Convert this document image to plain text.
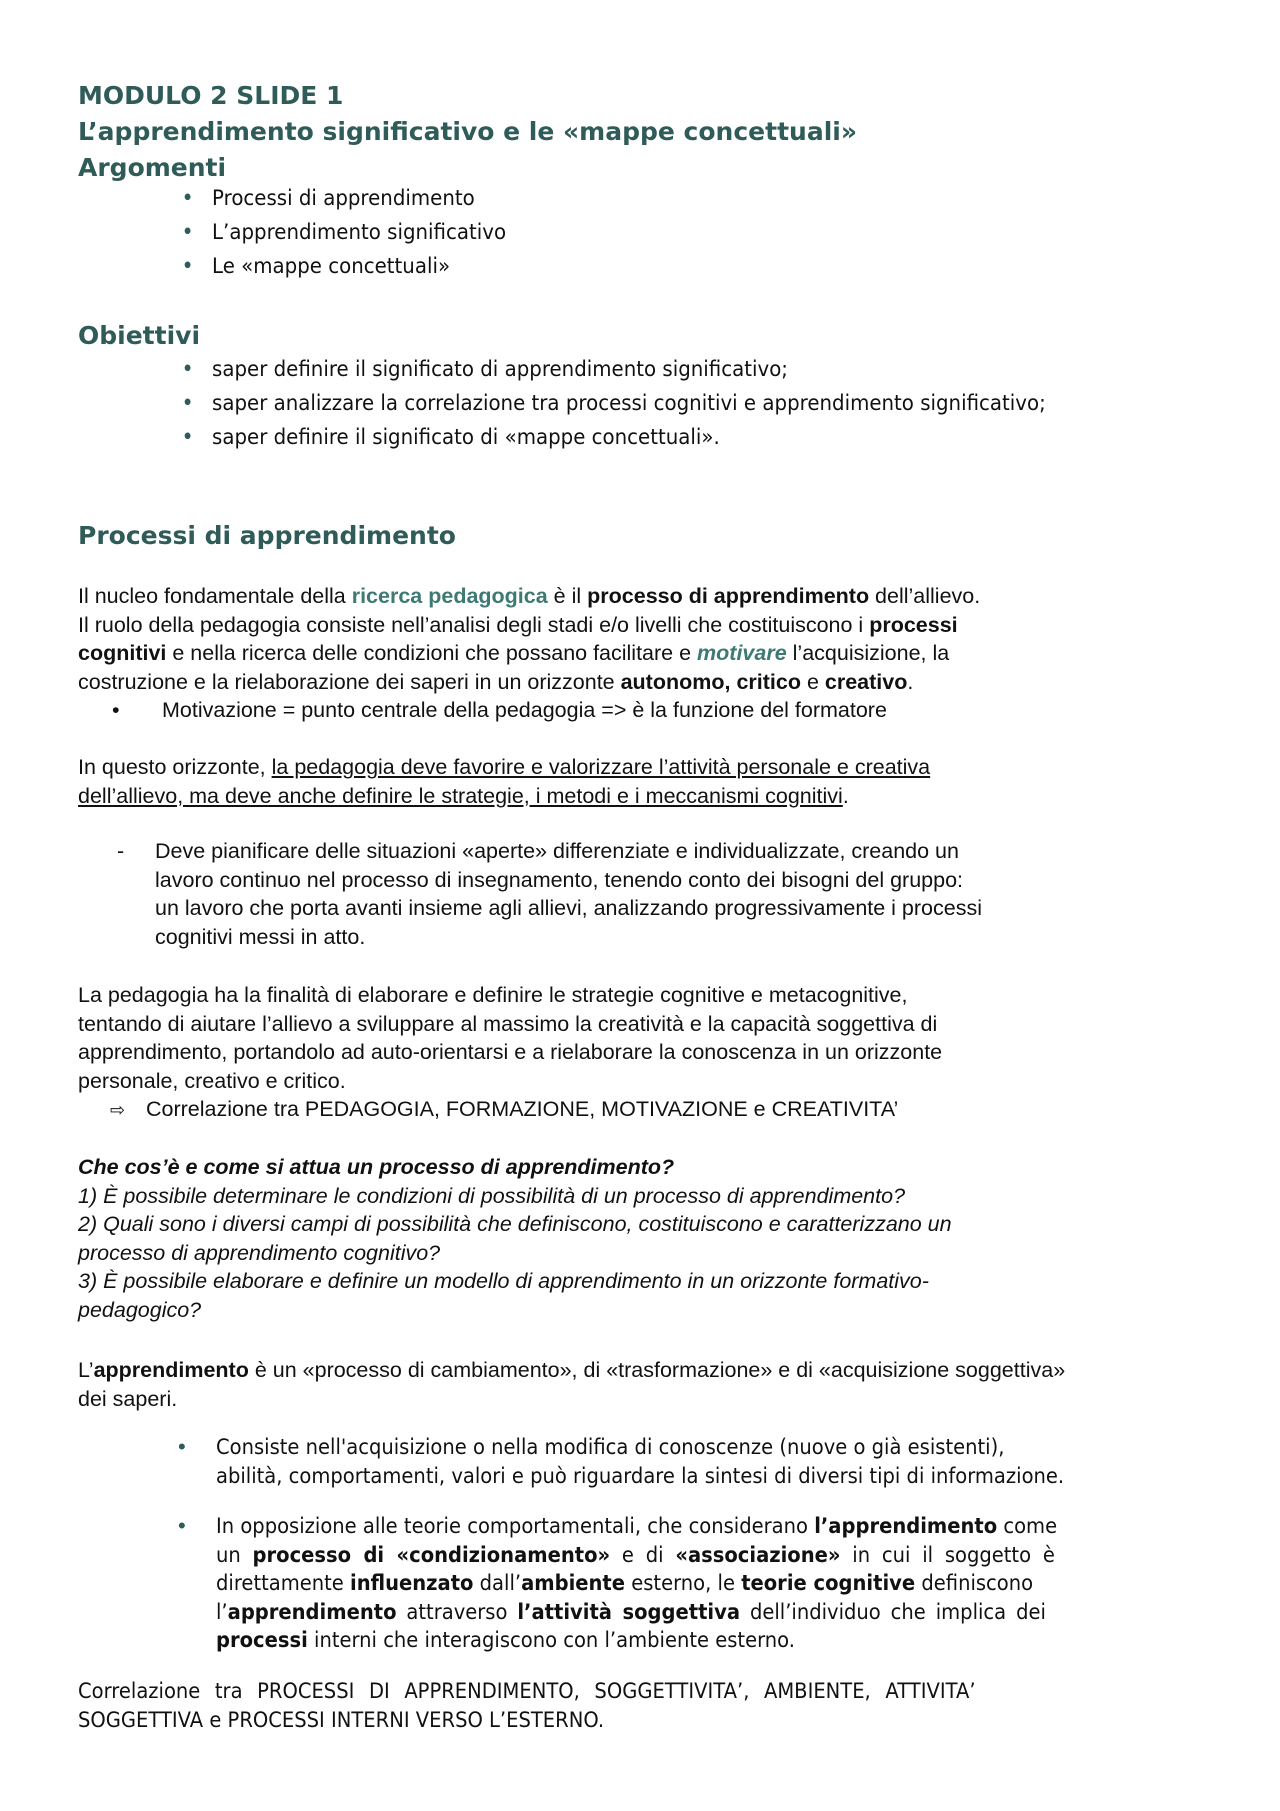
MODULO 2 SLIDE 1

L’apprendimento significativo e le «mappe concettuali»

Argomenti

• Processi di apprendimento
• L’apprendimento significativo
• Le «mappe concettuali»

Obiettivi

• saper definire il significato di apprendimento significativo;
• saper analizzare la correlazione tra processi cognitivi e apprendimento significativo;
• saper definire il significato di «mappe concettuali».

Processi di apprendimento

Il nucleo fondamentale della ricerca pedagogica è il processo di apprendimento dell’allievo.

Il ruolo della pedagogia consiste nell’analisi degli stadi e/o livelli che costituiscono i processi

cognitivi e nella ricerca delle condizioni che possano facilitare e motivare l’acquisizione, la

costruzione e la rielaborazione dei saperi in un orizzonte autonomo, critico e creativo.

• Motivazione = punto centrale della pedagogia => è la funzione del formatore

In questo orizzonte, la pedagogia deve favorire e valorizzare l’attività personale e creativa

dell’allievo, ma deve anche definire le strategie, i metodi e i meccanismi cognitivi.

- Deve pianificare delle situazioni «aperte» differenziate e individualizzate, creando un

lavoro continuo nel processo di insegnamento, tenendo conto dei bisogni del gruppo:

un lavoro che porta avanti insieme agli allievi, analizzando progressivamente i processi

cognitivi messi in atto.

La pedagogia ha la finalità di elaborare e definire le strategie cognitive e metacognitive,

tentando di aiutare l’allievo a sviluppare al massimo la creatività e la capacità soggettiva di

apprendimento, portandolo ad auto-orientarsi e a rielaborare la conoscenza in un orizzonte

personale, creativo e critico.

⇨ Correlazione tra PEDAGOGIA, FORMAZIONE, MOTIVAZIONE e CREATIVITA’

Che cos’è e come si attua un processo di apprendimento?

1) È possibile determinare le condizioni di possibilità di un processo di apprendimento?

2) Quali sono i diversi campi di possibilità che definiscono, costituiscono e caratterizzano un

processo di apprendimento cognitivo?

3) È possibile elaborare e definire un modello di apprendimento in un orizzonte formativo-

pedagogico?

L’apprendimento è un «processo di cambiamento», di «trasformazione» e di «acquisizione soggettiva»

dei saperi.

• Consiste nell'acquisizione o nella modifica di conoscenze (nuove o già esistenti),

abilità, comportamenti, valori e può riguardare la sintesi di diversi tipi di informazione.

• In opposizione alle teorie comportamentali, che considerano l’apprendimento come

un processo di «condizionamento» e di «associazione» in cui il soggetto è

direttamente influenzato dall’ambiente esterno, le teorie cognitive definiscono

l’apprendimento attraverso l’attività soggettiva dell’individuo che implica dei

processi interni che interagiscono con l’ambiente esterno.

Correlazione tra PROCESSI DI APPRENDIMENTO, SOGGETTIVITA’, AMBIENTE, ATTIVITA’

SOGGETTIVA e PROCESSI INTERNI VERSO L’ESTERNO.
